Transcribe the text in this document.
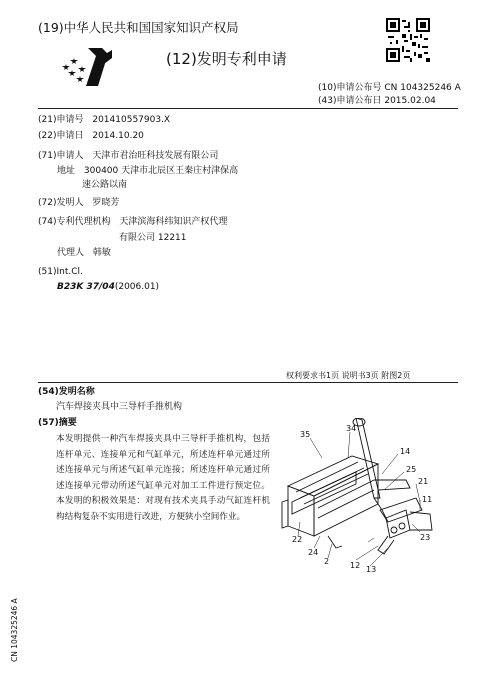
(19)中华人民共和国国家知识产权局
(12)发明专利申请
(10)申请公布号 CN 104325246 A
(43)申请公布日 2015.02.04
(21)申请号 201410557903.X
(22)申请日 2014.10.20
(71)申请人 天津市君治旺科技发展有限公司
地址 300400 天津市北辰区王秦庄村津保高
速公路以南
(72)发明人 罗晓芳
(74)专利代理机构 天津滨海科纬知识产权代理
有限公司 12211
代理人 韩敏
(51)Int.Cl.
B23K 37/04(2006.01)
权利要求书1页 说明书3页 附图2页
(54)发明名称
汽车焊接夹具中三导杆手推机构
(57)摘要
本发明提供一种汽车焊接夹具中三导杆手推机构，包括连杆单元、连接单元和气缸单元，所述连杆单元通过所述连接单元与所述气缸单元连接；所述连杆单元通过所述连接单元带动所述气缸单元对加工工件进行预定位。本发明的积极效果是：对现有技术夹具手动气缸连杆机构结构复杂不实用进行改进，方便狭小空间作业。
35
34
14
25
21
11
23
22
24
2	12 13
CN 104325246 A
